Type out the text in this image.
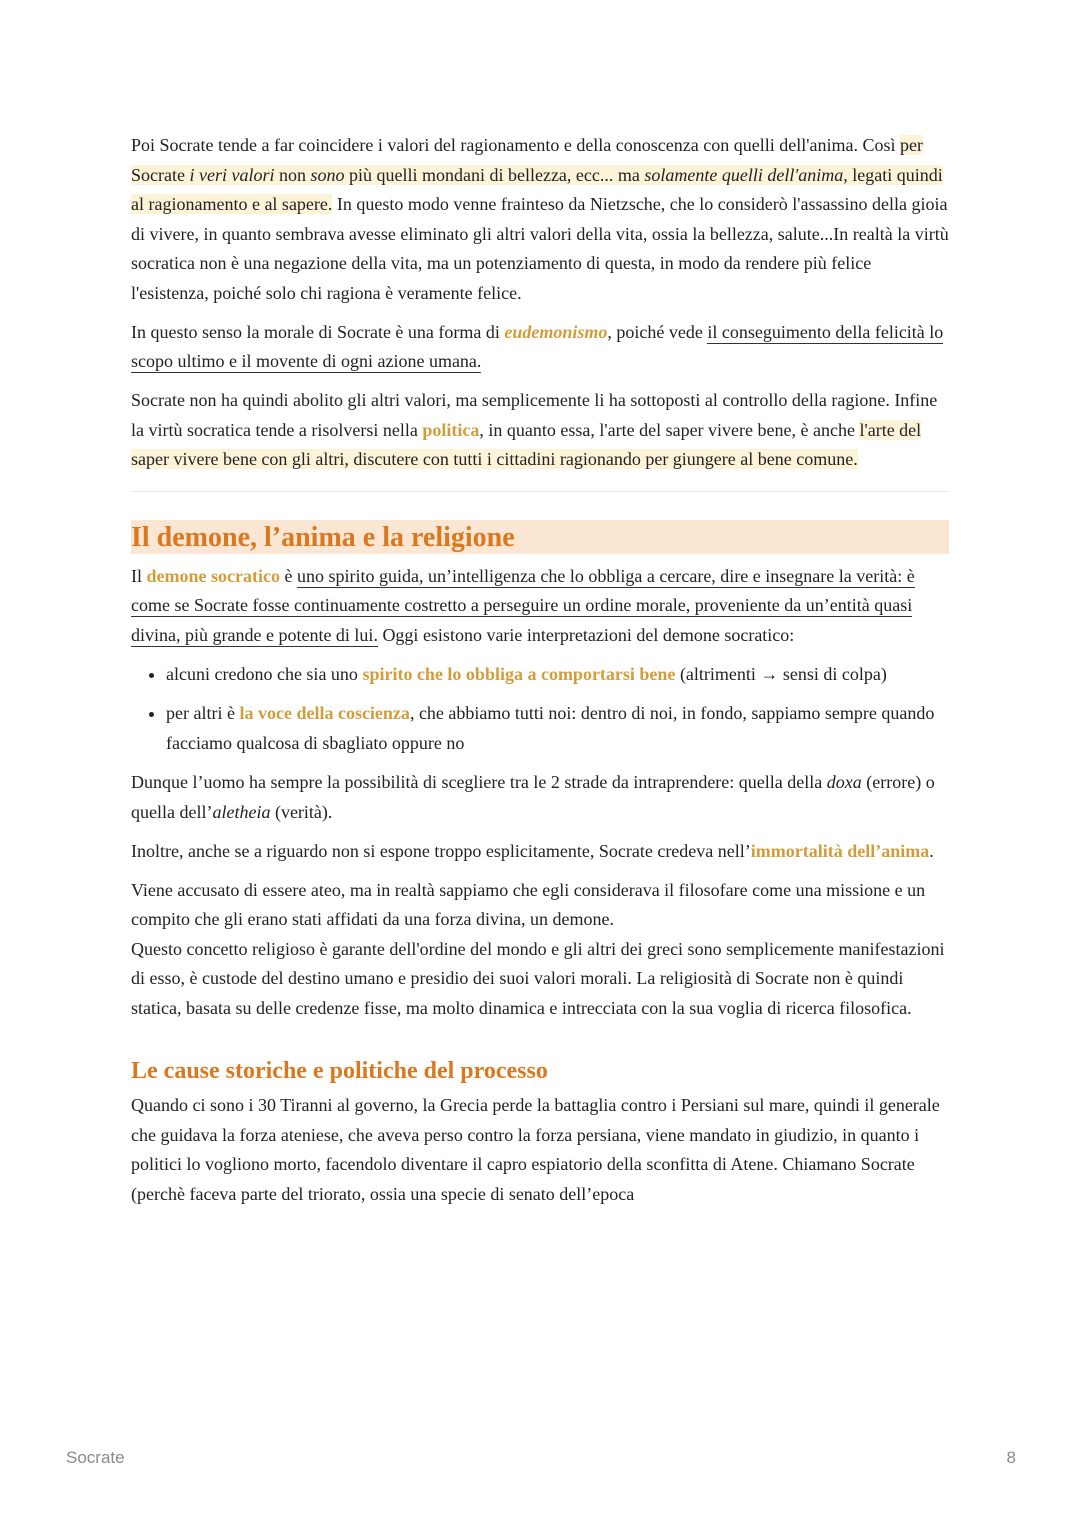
Poi Socrate tende a far coincidere i valori del ragionamento e della conoscenza con quelli dell'anima. Così per Socrate i veri valori non sono più quelli mondani di bellezza, ecc... ma solamente quelli dell'anima, legati quindi al ragionamento e al sapere. In questo modo venne frainteso da Nietzsche, che lo considerò l'assassino della gioia di vivere, in quanto sembrava avesse eliminato gli altri valori della vita, ossia la bellezza, salute...In realtà la virtù socratica non è una negazione della vita, ma un potenziamento di questa, in modo da rendere più felice l'esistenza, poiché solo chi ragiona è veramente felice.

In questo senso la morale di Socrate è una forma di eudemonismo, poiché vede il conseguimento della felicità lo scopo ultimo e il movente di ogni azione umana.

Socrate non ha quindi abolito gli altri valori, ma semplicemente li ha sottoposti al controllo della ragione. Infine la virtù socratica tende a risolversi nella politica, in quanto essa, l'arte del saper vivere bene, è anche l'arte del saper vivere bene con gli altri, discutere con tutti i cittadini ragionando per giungere al bene comune.

Il demone, l’anima e la religione

Il demone socratico è uno spirito guida, un’intelligenza che lo obbliga a cercare, dire e insegnare la verità: è come se Socrate fosse continuamente costretto a perseguire un ordine morale, proveniente da un’entità quasi divina, più grande e potente di lui. Oggi esistono varie interpretazioni del demone socratico:

• alcuni credono che sia uno spirito che lo obbliga a comportarsi bene (altrimenti → sensi di colpa)
• per altri è la voce della coscienza, che abbiamo tutti noi: dentro di noi, in fondo, sappiamo sempre quando facciamo qualcosa di sbagliato oppure no

Dunque l’uomo ha sempre la possibilità di scegliere tra le 2 strade da intraprendere: quella della doxa (errore) o quella dell’aletheia (verità).

Inoltre, anche se a riguardo non si espone troppo esplicitamente, Socrate credeva nell’immortalità dell’anima.

Viene accusato di essere ateo, ma in realtà sappiamo che egli considerava il filosofare come una missione e un compito che gli erano stati affidati da una forza divina, un demone.
Questo concetto religioso è garante dell'ordine del mondo e gli altri dei greci sono semplicemente manifestazioni di esso, è custode del destino umano e presidio dei suoi valori morali. La religiosità di Socrate non è quindi statica, basata su delle credenze fisse, ma molto dinamica e intrecciata con la sua voglia di ricerca filosofica.

Le cause storiche e politiche del processo

Quando ci sono i 30 Tiranni al governo, la Grecia perde la battaglia contro i Persiani sul mare, quindi il generale che guidava la forza ateniese, che aveva perso contro la forza persiana, viene mandato in giudizio, in quanto i politici lo vogliono morto, facendolo diventare il capro espiatorio della sconfitta di Atene. Chiamano Socrate (perchè faceva parte del triorato, ossia una specie di senato dell’epoca

Socrate	8
